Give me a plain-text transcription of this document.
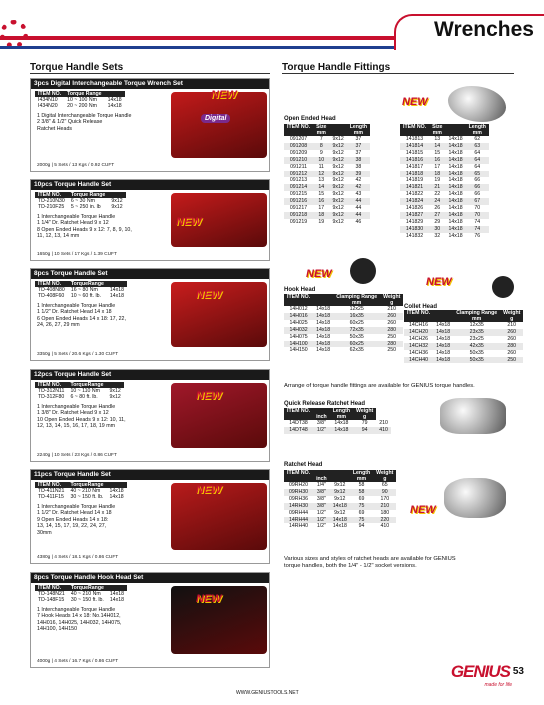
Wrenches
Torque Handle Sets	Torque Handle Fittings
3pcs Digital Interchangeable Torque Wrench Set
ITEM NO.	Torque Range	
I434N10	10 ~ 100 Nm	14x18
I434N20	20 ~ 200 Nm	14x18
1 Digital Interchangeable Torque Handle
2 3/8" & 1/2" Quick Release
Ratchet Heads
Digital
NEW
2000g | 5 Sets / 13 Kgs / 0.92 CUFT
10pcs Torque Handle Set
ITEM NO.	Torque Range	
TD-210N30	6 ~ 30 Nm	9x12
TD-210F25	5 ~ 250 in. lb	9x12
1 Interchangeable Torque Handle
1 1/4" Dr. Ratchet Head 9 x 12
8 Open Ended Heads 9 x 12: 7, 8, 9, 10,
11, 12, 13, 14 mm
NEW
1650g | 10 Sets / 17 Kgs / 1.39 CUFT
8pcs Torque Handle Set
ITEM NO.	TorqueRange	
TD-408N80	16 ~ 80 Nm	14x18
TD-408F60	10 ~ 60 ft. lb.	14x18
1 Interchangeable Torque Handle
1 1/2" Dr. Ratchet Head 14 x 18
6 Open Ended Heads 14 x 18: 17, 22,
24, 26, 27, 29 mm
NEW
3350g | 5 Sets / 20.6 Kgs / 1.30 CUFT
12pcs Torque Handle Set
ITEM NO.	TorqueRange	
TD-312N11	10 ~ 110 Nm	9x12
TD-312F80	6 ~ 80 ft. lb.	9x12
1 Interchangeable Torque Handle
1 3/8" Dr. Ratchet Head 9 x 12
10 Open Ended Heads 9 x 12: 10, 11,
12, 13, 14, 15, 16, 17, 18, 19 mm
NEW
2240g | 10 Sets / 23 Kgs / 0.86 CUFT
11pcs Torque Handle Set
ITEM NO.	TorqueRange	
TD-411N21	40 ~ 210 Nm	14x18
TD-411F15	30 ~ 150 ft. lb.	14x18
1 Interchangeable Torque Handle
1 1/2" Dr. Ratchet Head 14 x 18
9 Open Ended Heads 14 x 18:
13, 14, 15, 17, 19, 22, 24, 27,
30mm
NEW
4380g | 4 Sets / 18.1 Kgs / 0.86 CUFT
8pcs Torque Handle Hook Head Set
ITEM NO.	TorqueRange	
TD-148N21	40 ~ 210 Nm	14x18
TD-148F15	30 ~ 150 ft. lb.	14x18
1 Interchangeable Torque Handle
7 Hook Heads 14 x 18: No.14H012,
14H016, 14H025, 14H032, 14H075,
14H100, 14H150
NEW
4000g | 4 Sets / 16.7 Kgs / 0.86 CUFT
NEW
Open Ended Head
ITEM NO.	Size		Length
	mm		mm
091207	7	9x12	37
091208	8	9x12	37
091209	9	9x12	37
091210	10	9x12	38
091211	11	9x12	38
091212	12	9x12	39
091213	13	9x12	42
091214	14	9x12	42
091215	15	9x12	43
091216	16	9x12	44
091217	17	9x12	44
091218	18	9x12	44
091219	19	9x12	46
ITEM NO.	Size		Length
	mm		mm
141813	13	14x18	62
141814	14	14x18	63
141815	15	14x18	64
141816	16	14x18	64
141817	17	14x18	64
141818	18	14x18	65
141819	19	14x18	66
141821	21	14x18	66
141822	22	14x18	66
141824	24	14x18	67
141826	26	14x18	70
141827	27	14x18	70
141829	29	14x18	74
141830	30	14x18	74
141832	32	14x18	76
NEW
NEW
Hook Head
ITEM NO.		Clamping Range	Weight
		mm	g
14H012	14x18	12x25	210
14H016	14x18	16x35	260
14H025	14x18	60x25	260
14H032	14x18	72x35	280
14H075	14x18	50x35	250
14H100	14x18	60x25	280
14H150	14x18	62x35	250
Collet Head
ITEM NO.		Clamping Range	Weight
		mm	g
14CH16	14x18	12x35	210
14CH20	14x18	23x35	260
14CH26	14x18	23x25	260
14CH32	14x18	42x35	280
14CH36	14x18	50x35	260
14CH40	14x18	50x35	250
Arrange of torque handle fittings are available for GENIUS torque handles.
Quick Release Ratchet Head
ITEM NO.		Length	Weight	
	inch	mm	g	
14DT38	3/8"	14x18	79	210
14DT48	1/2"	14x18	94	410
NEW
Ratchet Head
ITEM NO.			Length	Weight
	inch		mm	g
09RH20	1/4"	9x12	58	65
09RH30	3/8"	9x12	58	90
09RH36	3/8"	9x12	69	170
14RH30	3/8"	14x18	75	210
09RH44	1/2"	9x12	69	180
14RH44	1/2"	14x18	75	220
14RH40	1/2"	14x18	94	410
Various sizes and styles of ratchet heads are available for GENIUS
torque handles, both the 1/4" - 1/2" socket versions.
WWW.GENIUSTOOLS.NET
GENIUS
made for life
53
